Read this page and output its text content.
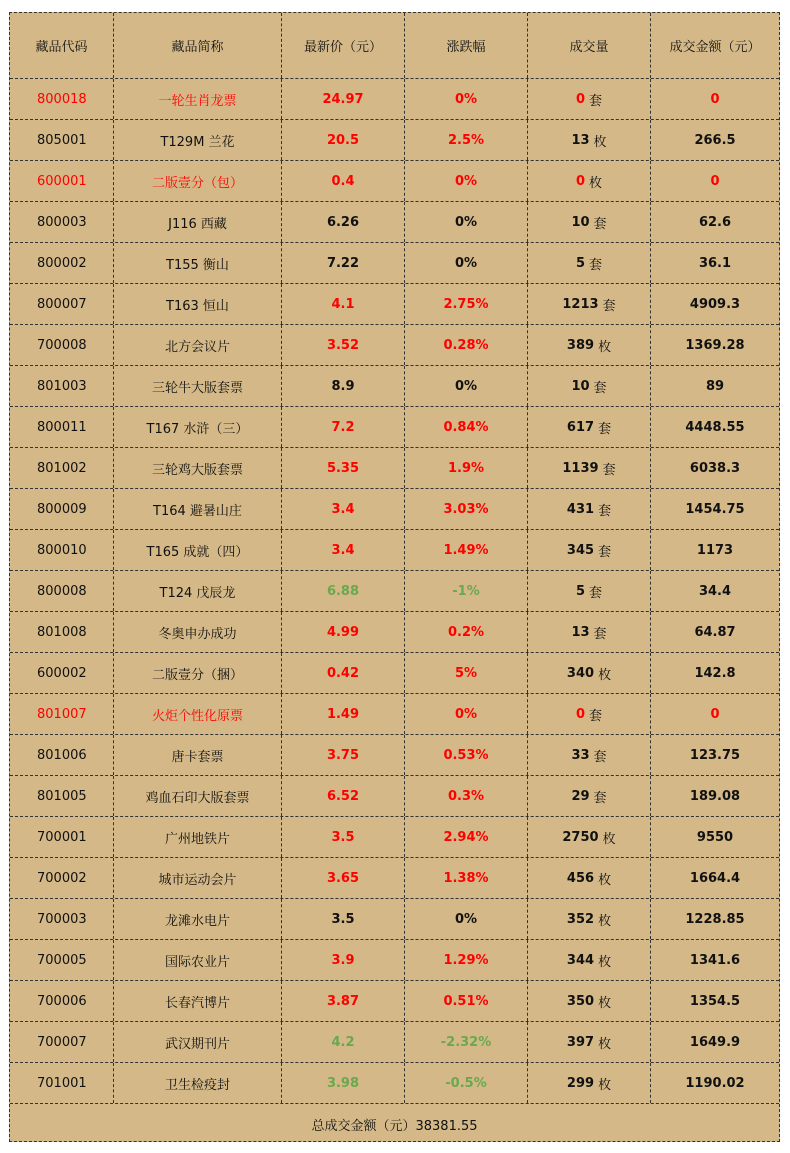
藏品代码	藏品简称	最新价（元）	涨跌幅	成交量	成交金额（元）
800018	一轮生肖龙票	24.97	0%	0 套	0
805001	T129M 兰花	20.5	2.5%	13 枚	266.5
600001	二版壹分（包）	0.4	0%	0 枚	0
800003	J116 西藏	6.26	0%	10 套	62.6
800002	T155 衡山	7.22	0%	5 套	36.1
800007	T163 恒山	4.1	2.75%	1213 套	4909.3
700008	北方会议片	3.52	0.28%	389 枚	1369.28
801003	三轮牛大版套票	8.9	0%	10 套	89
800011	T167 水浒（三）	7.2	0.84%	617 套	4448.55
801002	三轮鸡大版套票	5.35	1.9%	1139 套	6038.3
800009	T164 避暑山庄	3.4	3.03%	431 套	1454.75
800010	T165 成就（四）	3.4	1.49%	345 套	1173
800008	T124 戊辰龙	6.88	-1%	5 套	34.4
801008	冬奥申办成功	4.99	0.2%	13 套	64.87
600002	二版壹分（捆）	0.42	5%	340 枚	142.8
801007	火炬个性化原票	1.49	0%	0 套	0
801006	唐卡套票	3.75	0.53%	33 套	123.75
801005	鸡血石印大版套票	6.52	0.3%	29 套	189.08
700001	广州地铁片	3.5	2.94%	2750 枚	9550
700002	城市运动会片	3.65	1.38%	456 枚	1664.4
700003	龙滩水电片	3.5	0%	352 枚	1228.85
700005	国际农业片	3.9	1.29%	344 枚	1341.6
700006	长春汽博片	3.87	0.51%	350 枚	1354.5
700007	武汉期刊片	4.2	-2.32%	397 枚	1649.9
701001	卫生检疫封	3.98	-0.5%	299 枚	1190.02
总成交金额（元）38381.55
